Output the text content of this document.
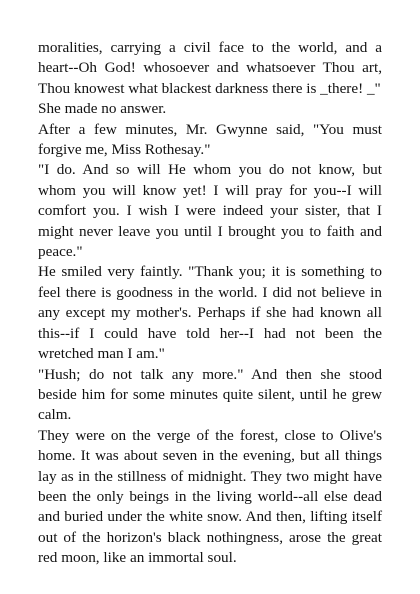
moralities, carrying a civil face to the world, and a heart--Oh God! whosoever and whatsoever Thou art, Thou knowest what blackest darkness there is _there! _"

She made no answer.

After a few minutes, Mr. Gwynne said, "You must forgive me, Miss Rothesay."

"I do. And so will He whom you do not know, but whom you will know yet! I will pray for you--I will comfort you. I wish I were indeed your sister, that I might never leave you until I brought you to faith and peace."

He smiled very faintly. "Thank you; it is something to feel there is goodness in the world. I did not believe in any except my mother's. Perhaps if she had known all this--if I could have told her--I had not been the wretched man I am."

"Hush; do not talk any more." And then she stood beside him for some minutes quite silent, until he grew calm.

They were on the verge of the forest, close to Olive's home. It was about seven in the evening, but all things lay as in the stillness of midnight. They two might have been the only beings in the living world--all else dead and buried under the white snow. And then, lifting itself out of the horizon's black nothingness, arose the great red moon, like an immortal soul.
